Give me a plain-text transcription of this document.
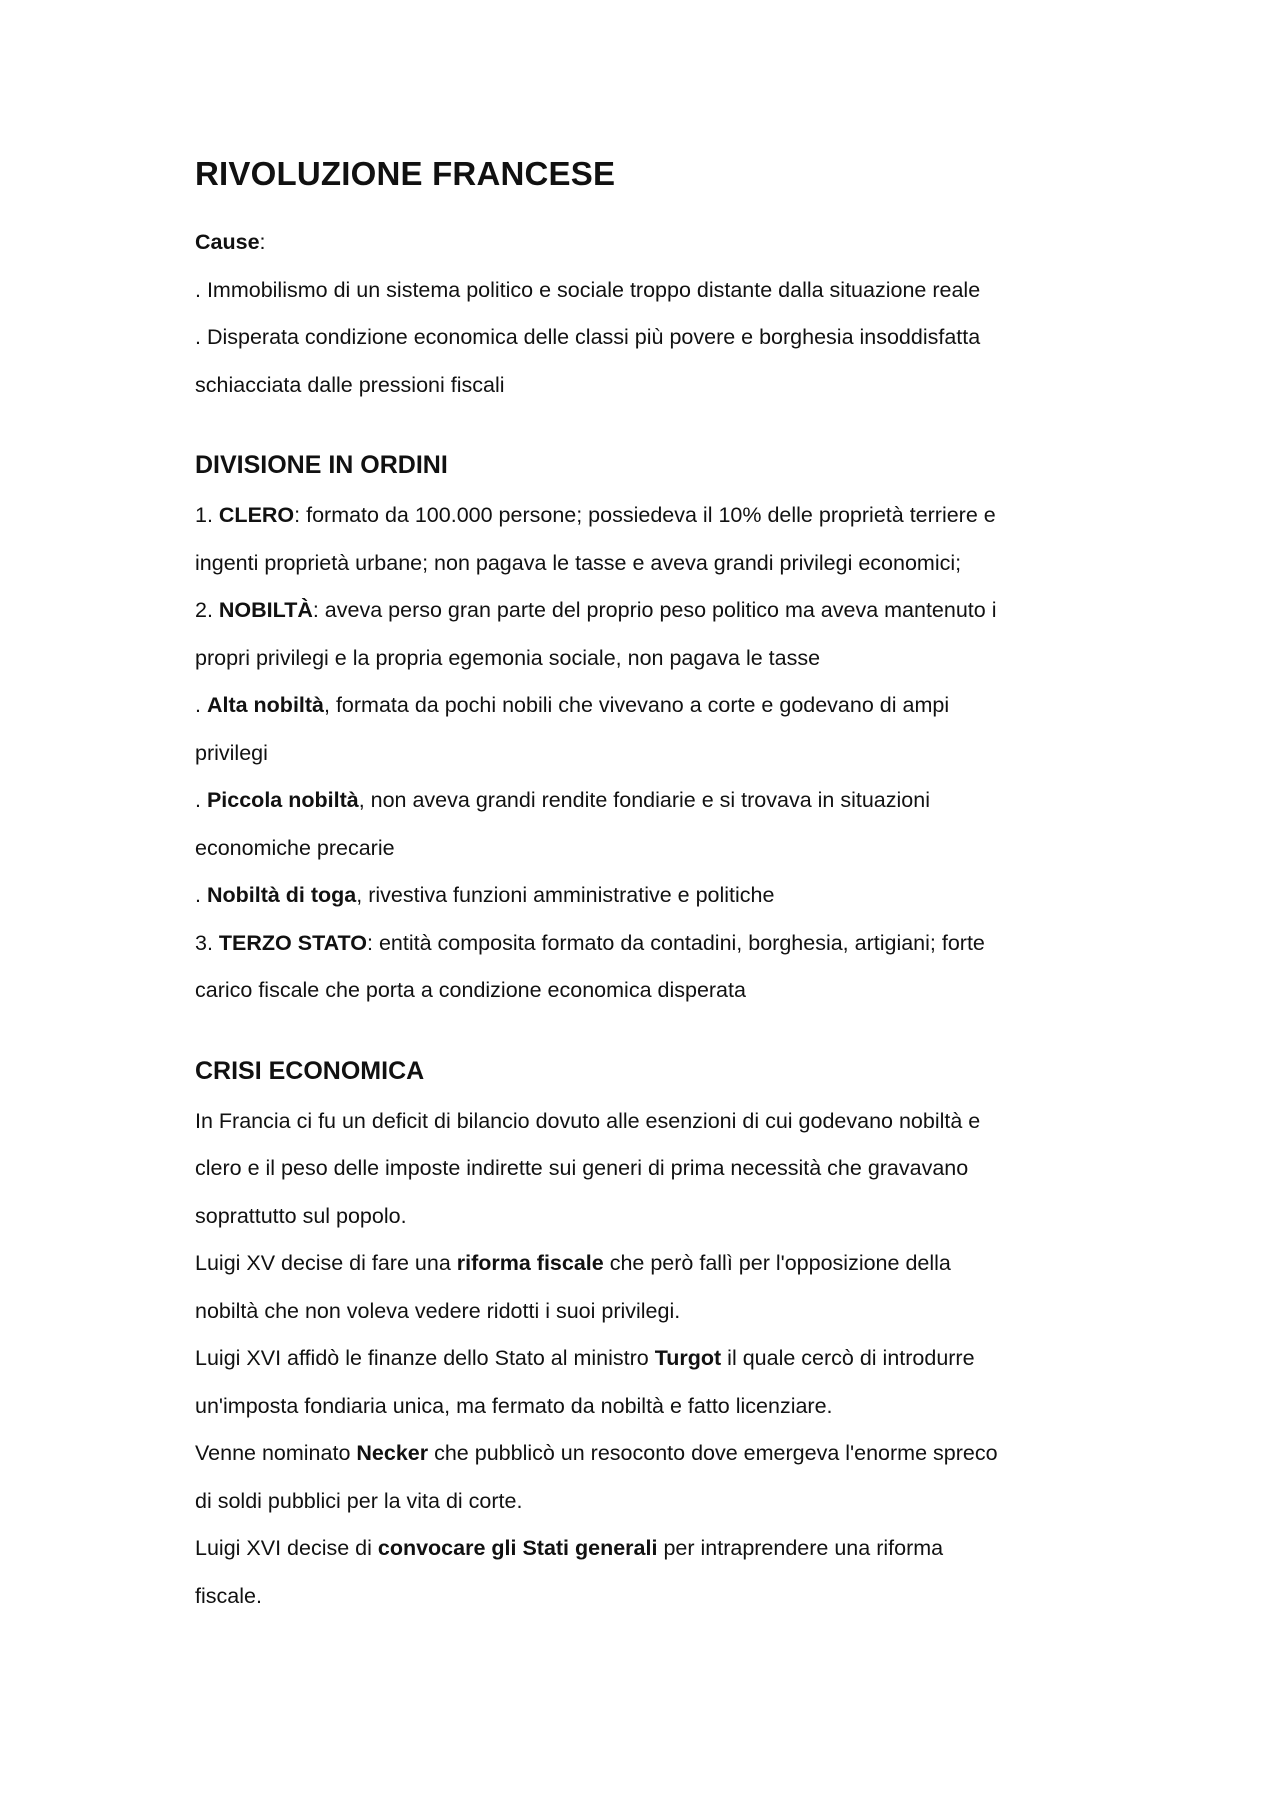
RIVOLUZIONE FRANCESE

Cause:

. Immobilismo di un sistema politico e sociale troppo distante dalla situazione reale

. Disperata condizione economica delle classi più povere e borghesia insoddisfatta

schiacciata dalle pressioni fiscali

DIVISIONE IN ORDINI

1. CLERO: formato da 100.000 persone; possiedeva il 10% delle proprietà terriere e

ingenti proprietà urbane; non pagava le tasse e aveva grandi privilegi economici;

2. NOBILTÀ: aveva perso gran parte del proprio peso politico ma aveva mantenuto i

propri privilegi e la propria egemonia sociale, non pagava le tasse

. Alta nobiltà, formata da pochi nobili che vivevano a corte e godevano di ampi

privilegi

. Piccola nobiltà, non aveva grandi rendite fondiarie e si trovava in situazioni

economiche precarie

. Nobiltà di toga, rivestiva funzioni amministrative e politiche

3. TERZO STATO: entità composita formato da contadini, borghesia, artigiani; forte

carico fiscale che porta a condizione economica disperata

CRISI ECONOMICA

In Francia ci fu un deficit di bilancio dovuto alle esenzioni di cui godevano nobiltà e

clero e il peso delle imposte indirette sui generi di prima necessità che gravavano

soprattutto sul popolo.

Luigi XV decise di fare una riforma fiscale che però fallì per l'opposizione della

nobiltà che non voleva vedere ridotti i suoi privilegi.

Luigi XVI affidò le finanze dello Stato al ministro Turgot il quale cercò di introdurre

un'imposta fondiaria unica, ma fermato da nobiltà e fatto licenziare.

Venne nominato Necker che pubblicò un resoconto dove emergeva l'enorme spreco

di soldi pubblici per la vita di corte.

Luigi XVI decise di convocare gli Stati generali per intraprendere una riforma

fiscale.
